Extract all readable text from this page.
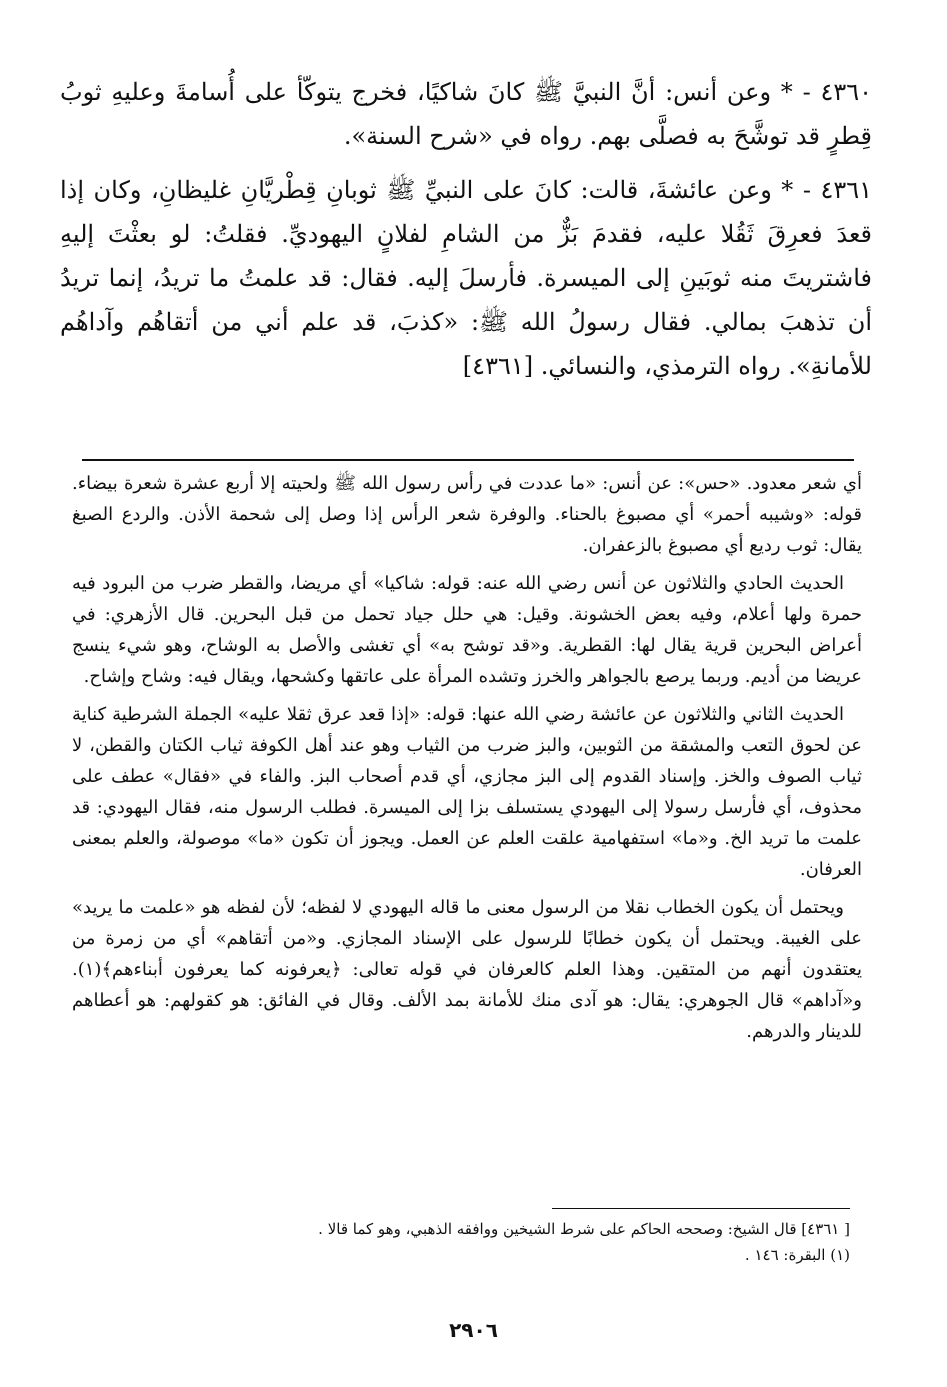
٤٣٦٠ - * وعن أنس: أنَّ النبيَّ ﷺ كانَ شاكيًا، فخرج يتوكّأ على أُسامةَ وعليهِ ثوبُ قِطرٍ قد توشَّحَ به فصلَّى بهم. رواه في «شرح السنة».

٤٣٦١ - * وعن عائشةَ، قالت: كانَ على النبيِّ ﷺ ثوبانِ قِطْريَّانِ غليظانِ، وكان إذا قعدَ فعرِقَ ثَقُلا عليه، فقدمَ بَزٌّ من الشامِ لفلانٍ اليهوديِّ. فقلتُ: لو بعثْتَ إليهِ فاشتريتَ منه ثوبَينِ إلى الميسرة. فأرسلَ إليه. فقال: قد علمتُ ما تريدُ، إنما تريدُ أن تذهبَ بمالي. فقال رسولُ الله ﷺ: «كذبَ، قد علم أني من أتقاهُم وآداهُم للأمانةِ». رواه الترمذي، والنسائي. [٤٣٦١]

أي شعر معدود. «حس»: عن أنس: «ما عددت في رأس رسول الله ﷺ ولحيته إلا أربع عشرة شعرة بيضاء. قوله: «وشيبه أحمر» أي مصبوغ بالحناء. والوفرة شعر الرأس إذا وصل إلى شحمة الأذن. والردع الصبغ يقال: ثوب رديع أي مصبوغ بالزعفران.

الحديث الحادي والثلاثون عن أنس رضي الله عنه: قوله: شاكيا» أي مريضا، والقطر ضرب من البرود فيه حمرة ولها أعلام، وفيه بعض الخشونة. وقيل: هي حلل جياد تحمل من قبل البحرين. قال الأزهري: في أعراض البحرين قرية يقال لها: القطرية. و«قد توشح به» أي تغشى والأصل به الوشاح، وهو شيء ينسج عريضا من أديم. وربما يرصع بالجواهر والخرز وتشده المرأة على عاتقها وكشحها، ويقال فيه: وشاح وإشاح.

الحديث الثاني والثلاثون عن عائشة رضي الله عنها: قوله: «إذا قعد عرق ثقلا عليه» الجملة الشرطية كناية عن لحوق التعب والمشقة من الثوبين، والبز ضرب من الثياب وهو عند أهل الكوفة ثياب الكتان والقطن، لا ثياب الصوف والخز. وإسناد القدوم إلى البز مجازي، أي قدم أصحاب البز. والفاء في «فقال» عطف على محذوف، أي فأرسل رسولا إلى اليهودي يستسلف بزا إلى الميسرة. فطلب الرسول منه، فقال اليهودي: قد علمت ما تريد الخ. و«ما» استفهامية علقت العلم عن العمل. ويجوز أن تكون «ما» موصولة، والعلم بمعنى العرفان.

ويحتمل أن يكون الخطاب نقلا من الرسول معنى ما قاله اليهودي لا لفظه؛ لأن لفظه هو «علمت ما يريد» على الغيبة. ويحتمل أن يكون خطابًا للرسول على الإسناد المجازي. و«من أتقاهم» أي من زمرة من يعتقدون أنهم من المتقين. وهذا العلم كالعرفان في قوله تعالى: ﴿يعرفونه كما يعرفون أبناءهم﴾(١). و«آداهم» قال الجوهري: يقال: هو آدى منك للأمانة بمد الألف. وقال في الفائق: هو كقولهم: هو أعطاهم للدينار والدرهم.

[ ٤٣٦١] قال الشيخ: وصححه الحاكم على شرط الشيخين ووافقه الذهبي، وهو كما قالا .

(١) البقرة: ١٤٦ .

٢٩٠٦
